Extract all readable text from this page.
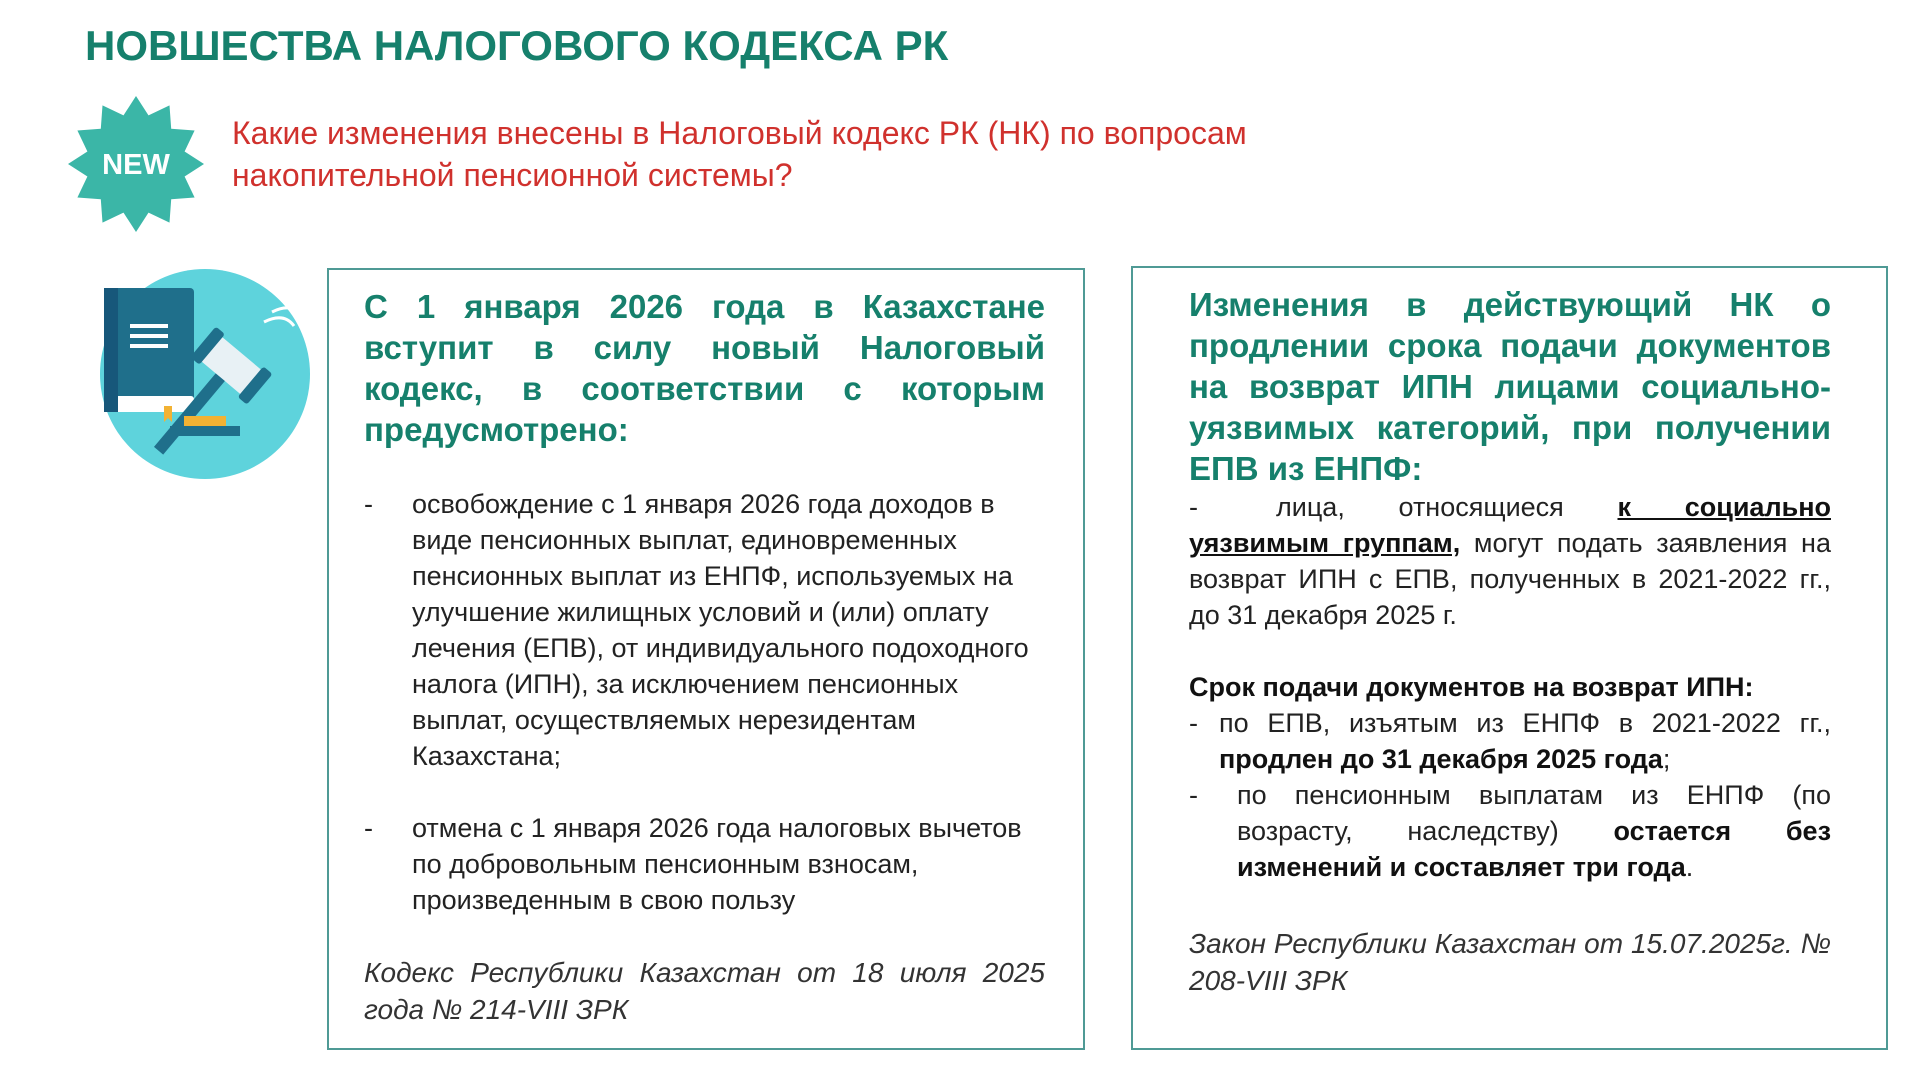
НОВШЕСТВА НАЛОГОВОГО КОДЕКСА РК
NEW

Какие изменения внесены в Налоговый кодекс РК (НК) по вопросам
накопительной пенсионной системы?

С 1 января 2026 года в Казахстане вступит в силу новый Налоговый кодекс, в соответствии с которым предусмотрено:

- освобождение с 1 января 2026 года доходов в виде пенсионных выплат, единовременных пенсионных выплат из ЕНПФ, используемых на улучшение жилищных условий и (или) оплату лечения (ЕПВ), от индивидуального подоходного налога (ИПН), за исключением пенсионных выплат, осуществляемых нерезидентам Казахстана;
- отмена с 1 января 2026 года налоговых вычетов по добровольным пенсионным взносам, произведенным в свою пользу

Кодекс Республики Казахстан от 18 июля 2025 года № 214-VIII ЗРК

Изменения в действующий НК о продлении срока подачи документов на возврат ИПН лицами социально-уязвимых категорий, при получении ЕПВ из ЕНПФ:

-	лица, относящиеся к социально уязвимым группам, могут подать заявления на возврат ИПН с ЕПВ, полученных в 2021-2022 гг., до 31 декабря 2025 г.

Срок подачи документов на возврат ИПН:

- по ЕПВ, изъятым из ЕНПФ в 2021-2022 гг., продлен до 31 декабря 2025 года;
- по пенсионным выплатам из ЕНПФ (по возрасту, наследству) остается без изменений и составляет три года.

Закон Республики Казахстан от 15.07.2025г. № 208-VIII ЗРК
